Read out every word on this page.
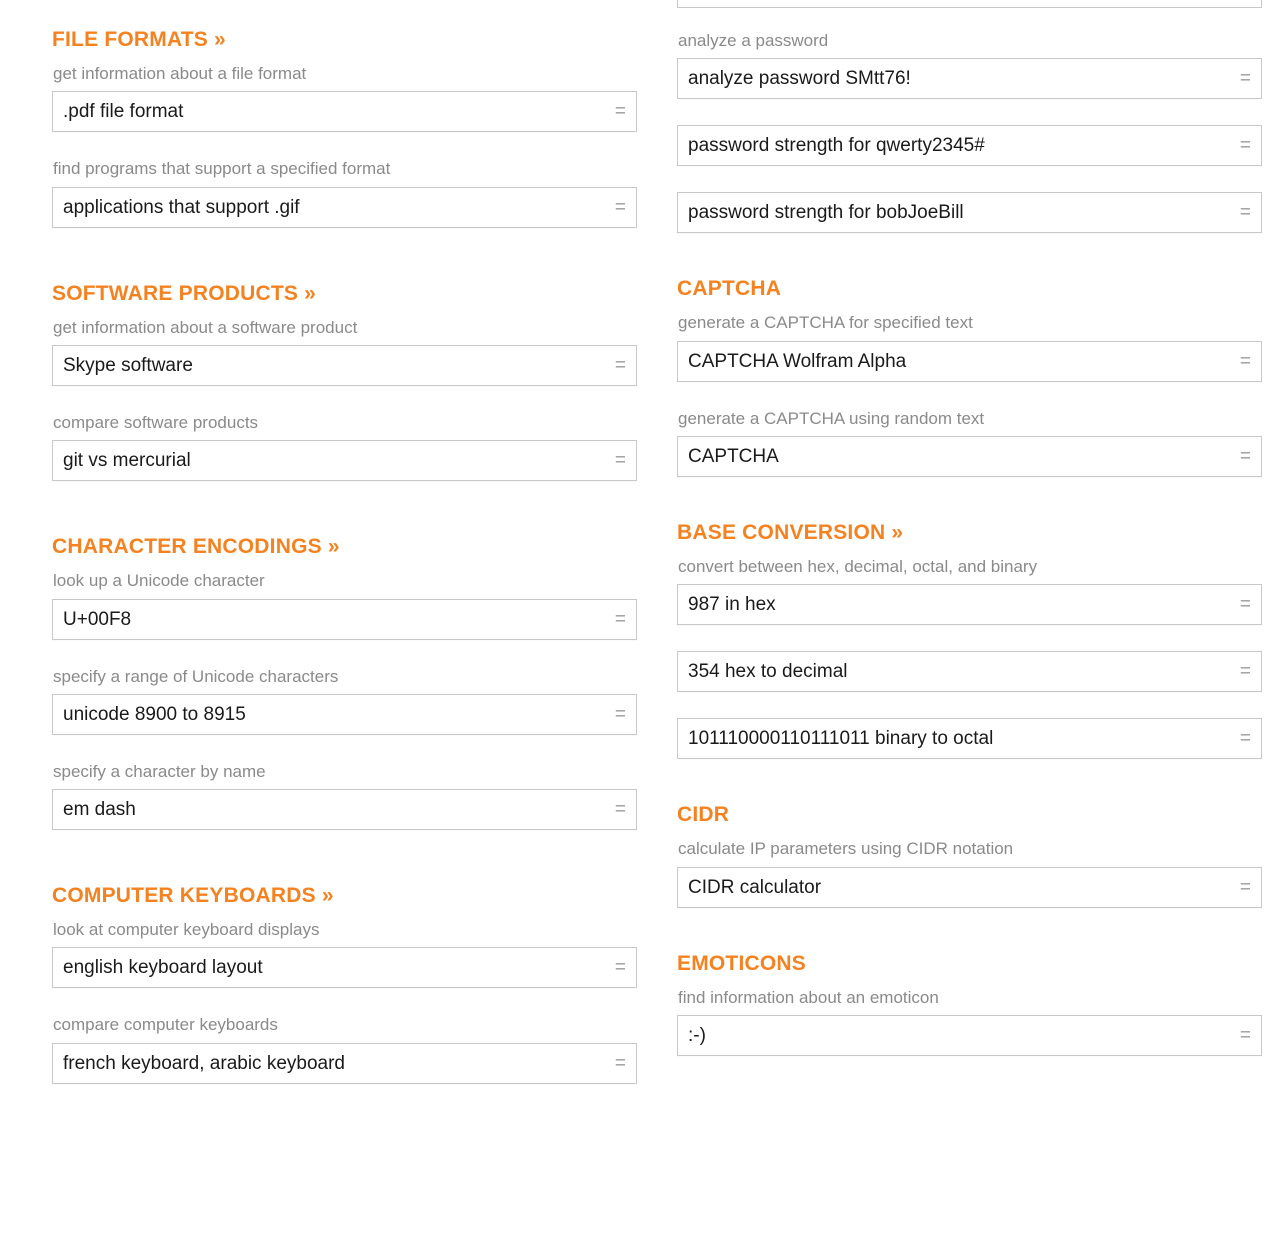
FILE FORMATS »
get information about a file format
.pdf file format	=
find programs that support a specified format
applications that support .gif	=
SOFTWARE PRODUCTS »
get information about a software product
Skype software	=
compare software products
git vs mercurial	=
CHARACTER ENCODINGS »
look up a Unicode character
U+00F8	=
specify a range of Unicode characters
unicode 8900 to 8915	=
specify a character by name
em dash	=
COMPUTER KEYBOARDS »
look at computer keyboard displays
english keyboard layout	=
compare computer keyboards
french keyboard, arabic keyboard	=
analyze a password
analyze password SMtt76!	=
password strength for qwerty2345#	=
password strength for bobJoeBill	=
CAPTCHA
generate a CAPTCHA for specified text
CAPTCHA Wolfram Alpha	=
generate a CAPTCHA using random text
CAPTCHA	=
BASE CONVERSION »
convert between hex, decimal, octal, and binary
987 in hex	=
354 hex to decimal	=
101110000110111011 binary to octal	=
CIDR
calculate IP parameters using CIDR notation
CIDR calculator	=
EMOTICONS
find information about an emoticon
:-)	=
